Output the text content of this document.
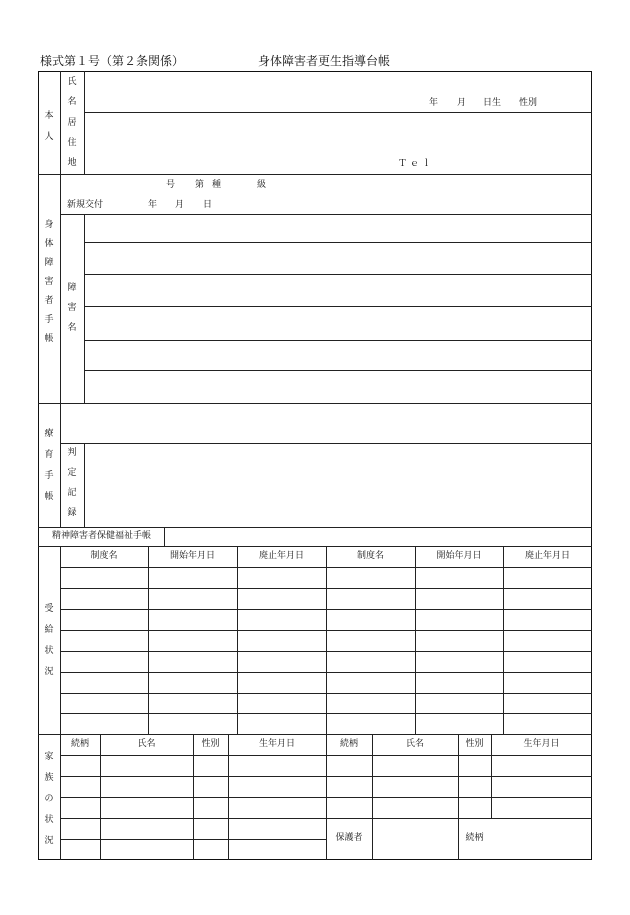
様式第１号（第２条関係）	身体障害者更生指導台帳
本
人
氏
名
居
住
地
年 月 日生 性別
Ｔｅｌ
身
体
障
害
者
手
帳
号 第 種	級
新規交付	年 月 日
障
害
名
療
育
手
帳
判
定
記
録
精神障害者保健福祉手帳
受
給
状
況
制度名	開始年月日	廃止年月日	制度名	開始年月日	廃止年月日
家
族
の
状
況
続柄	氏名	性別	生年月日	続柄	氏名	性別	生年月日
保護者	続柄
